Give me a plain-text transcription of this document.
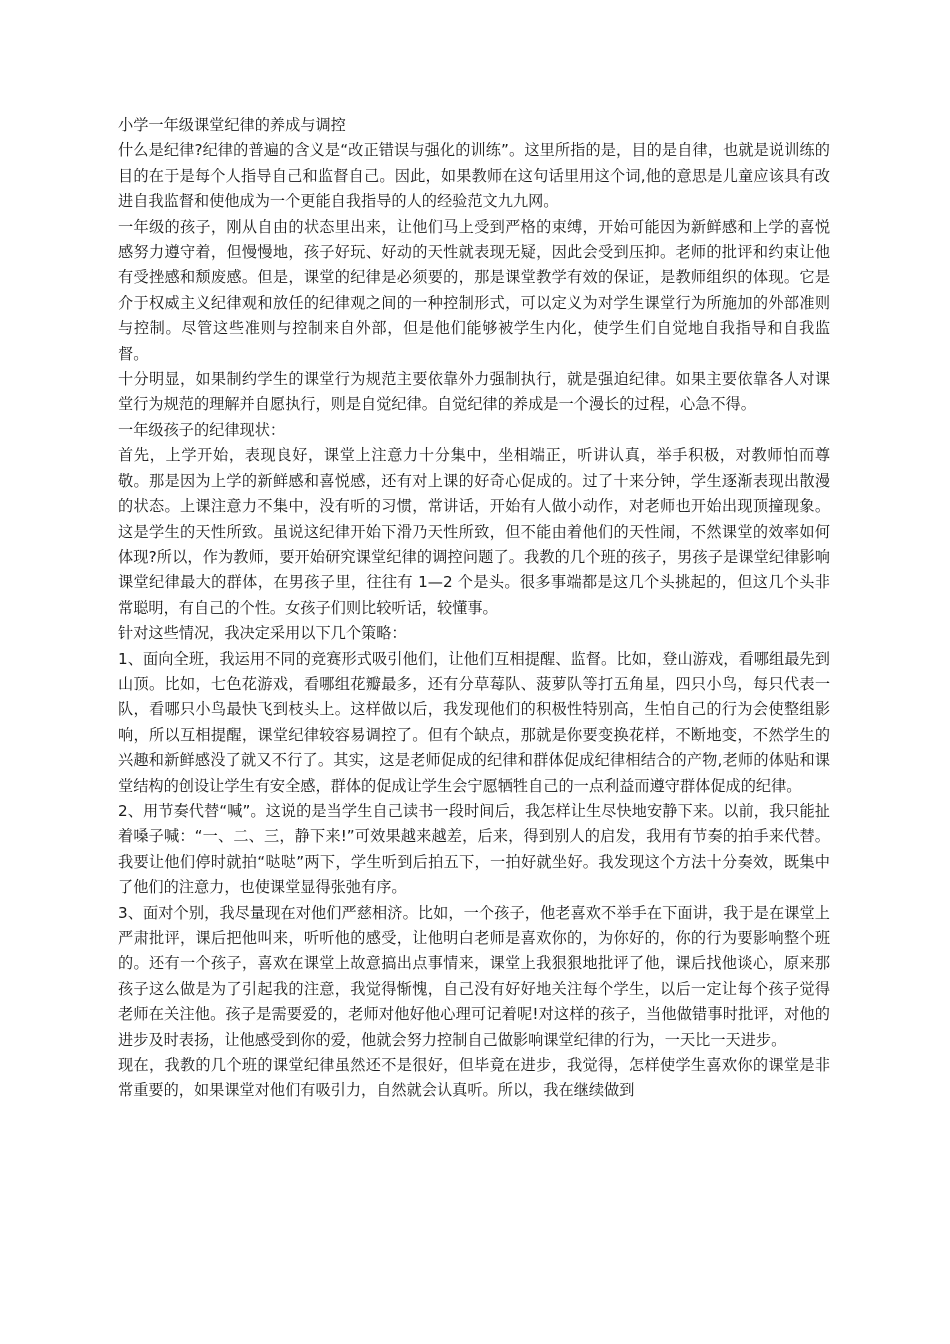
小学一年级课堂纪律的养成与调控

什么是纪律?纪律的普遍的含义是“改正错误与强化的训练”。这里所指的是，目的是自律，也就是说训练的目的在于是每个人指导自己和监督自己。因此，如果教师在这句话里用这个词,他的意思是儿童应该具有改进自我监督和使他成为一个更能自我指导的人的经验范文九九网。

一年级的孩子，刚从自由的状态里出来，让他们马上受到严格的束缚，开始可能因为新鲜感和上学的喜悦感努力遵守着，但慢慢地，孩子好玩、好动的天性就表现无疑，因此会受到压抑。老师的批评和约束让他有受挫感和颓废感。但是，课堂的纪律是必须要的，那是课堂教学有效的保证，是教师组织的体现。它是介于权威主义纪律观和放任的纪律观之间的一种控制形式，可以定义为对学生课堂行为所施加的外部准则与控制。尽管这些准则与控制来自外部，但是他们能够被学生内化，使学生们自觉地自我指导和自我监督。

十分明显，如果制约学生的课堂行为规范主要依靠外力强制执行，就是强迫纪律。如果主要依靠各人对课堂行为规范的理解并自愿执行，则是自觉纪律。自觉纪律的养成是一个漫长的过程，心急不得。

一年级孩子的纪律现状：

首先，上学开始，表现良好，课堂上注意力十分集中，坐相端正，听讲认真，举手积极，对教师怕而尊敬。那是因为上学的新鲜感和喜悦感，还有对上课的好奇心促成的。过了十来分钟，学生逐渐表现出散漫的状态。上课注意力不集中，没有听的习惯，常讲话，开始有人做小动作，对老师也开始出现顶撞现象。这是学生的天性所致。虽说这纪律开始下滑乃天性所致，但不能由着他们的天性闹，不然课堂的效率如何体现?所以，作为教师，要开始研究课堂纪律的调控问题了。我教的几个班的孩子，男孩子是课堂纪律影响课堂纪律最大的群体，在男孩子里，往往有 1—2 个是头。很多事端都是这几个头挑起的，但这几个头非常聪明，有自己的个性。女孩子们则比较听话，较懂事。

针对这些情况，我决定采用以下几个策略：

1、面向全班，我运用不同的竞赛形式吸引他们，让他们互相提醒、监督。比如，登山游戏，看哪组最先到山顶。比如，七色花游戏，看哪组花瓣最多，还有分草莓队、菠萝队等打五角星，四只小鸟，每只代表一队，看哪只小鸟最快飞到枝头上。这样做以后，我发现他们的积极性特别高，生怕自己的行为会使整组影响，所以互相提醒，课堂纪律较容易调控了。但有个缺点，那就是你要变换花样，不断地变，不然学生的兴趣和新鲜感没了就又不行了。其实，这是老师促成的纪律和群体促成纪律相结合的产物,老师的体贴和课堂结构的创设让学生有安全感，群体的促成让学生会宁愿牺牲自己的一点利益而遵守群体促成的纪律。

2、用节奏代替“喊”。这说的是当学生自己读书一段时间后，我怎样让生尽快地安静下来。以前，我只能扯着嗓子喊：“一、二、三，静下来!”可效果越来越差，后来，得到别人的启发，我用有节奏的拍手来代替。我要让他们停时就拍“哒哒”两下，学生听到后拍五下，一拍好就坐好。我发现这个方法十分奏效，既集中了他们的注意力，也使课堂显得张弛有序。

3、面对个别，我尽量现在对他们严慈相济。比如，一个孩子，他老喜欢不举手在下面讲，我于是在课堂上严肃批评，课后把他叫来，听听他的感受，让他明白老师是喜欢你的，为你好的，你的行为要影响整个班的。还有一个孩子，喜欢在课堂上故意搞出点事情来，课堂上我狠狠地批评了他，课后找他谈心，原来那孩子这么做是为了引起我的注意，我觉得惭愧，自己没有好好地关注每个学生，以后一定让每个孩子觉得老师在关注他。孩子是需要爱的，老师对他好他心理可记着呢!对这样的孩子，当他做错事时批评，对他的进步及时表扬，让他感受到你的爱，他就会努力控制自己做影响课堂纪律的行为，一天比一天进步。

现在，我教的几个班的课堂纪律虽然还不是很好，但毕竟在进步，我觉得，怎样使学生喜欢你的课堂是非常重要的，如果课堂对他们有吸引力，自然就会认真听。所以，我在继续做到
